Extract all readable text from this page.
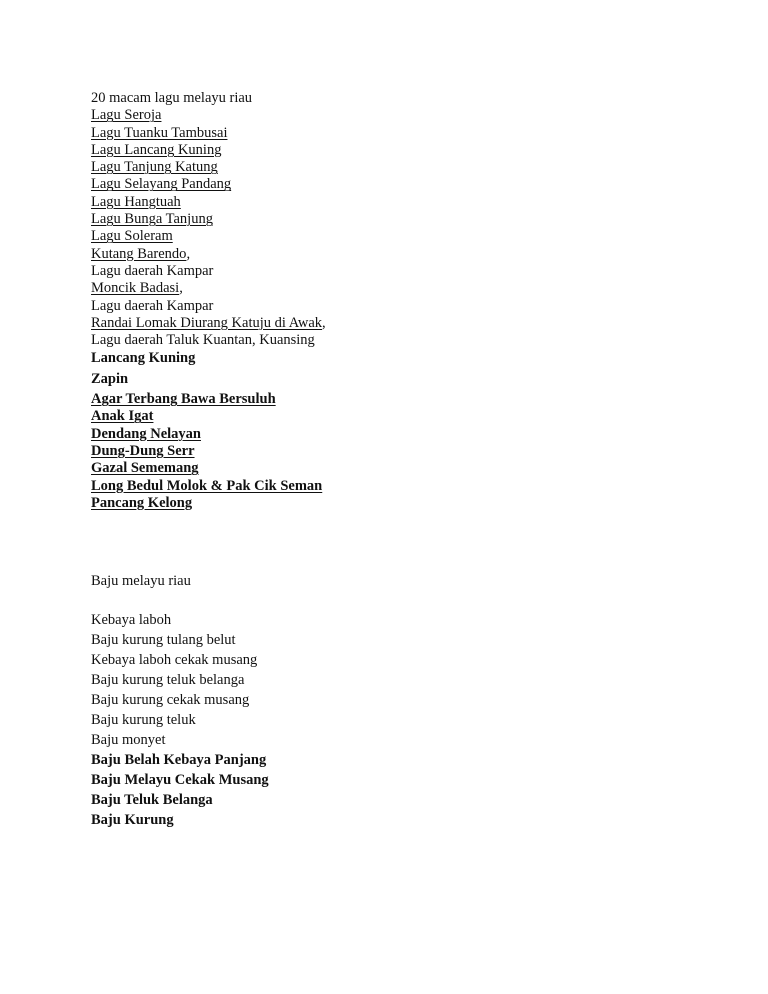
20 macam lagu melayu riau
Lagu Seroja
Lagu Tuanku Tambusai
Lagu Lancang Kuning
Lagu Tanjung Katung
Lagu Selayang Pandang
Lagu Hangtuah
Lagu Bunga Tanjung
Lagu Soleram
Kutang Barendo,
Lagu daerah Kampar
Moncik Badasi,
Lagu daerah Kampar
Randai Lomak Diurang Katuju di Awak,
Lagu daerah Taluk Kuantan, Kuansing
Lancang Kuning
Zapin
Agar Terbang Bawa Bersuluh
Anak Igat
Dendang Nelayan
Dung-Dung Serr
Gazal Sememang
Long Bedul Molok & Pak Cik Seman
Pancang Kelong
Baju melayu riau
Kebaya laboh
Baju kurung tulang belut
Kebaya laboh cekak musang
Baju kurung teluk belanga
Baju kurung cekak musang
Baju kurung teluk
Baju monyet
Baju Belah Kebaya Panjang
Baju Melayu Cekak Musang
Baju Teluk Belanga
Baju Kurung
